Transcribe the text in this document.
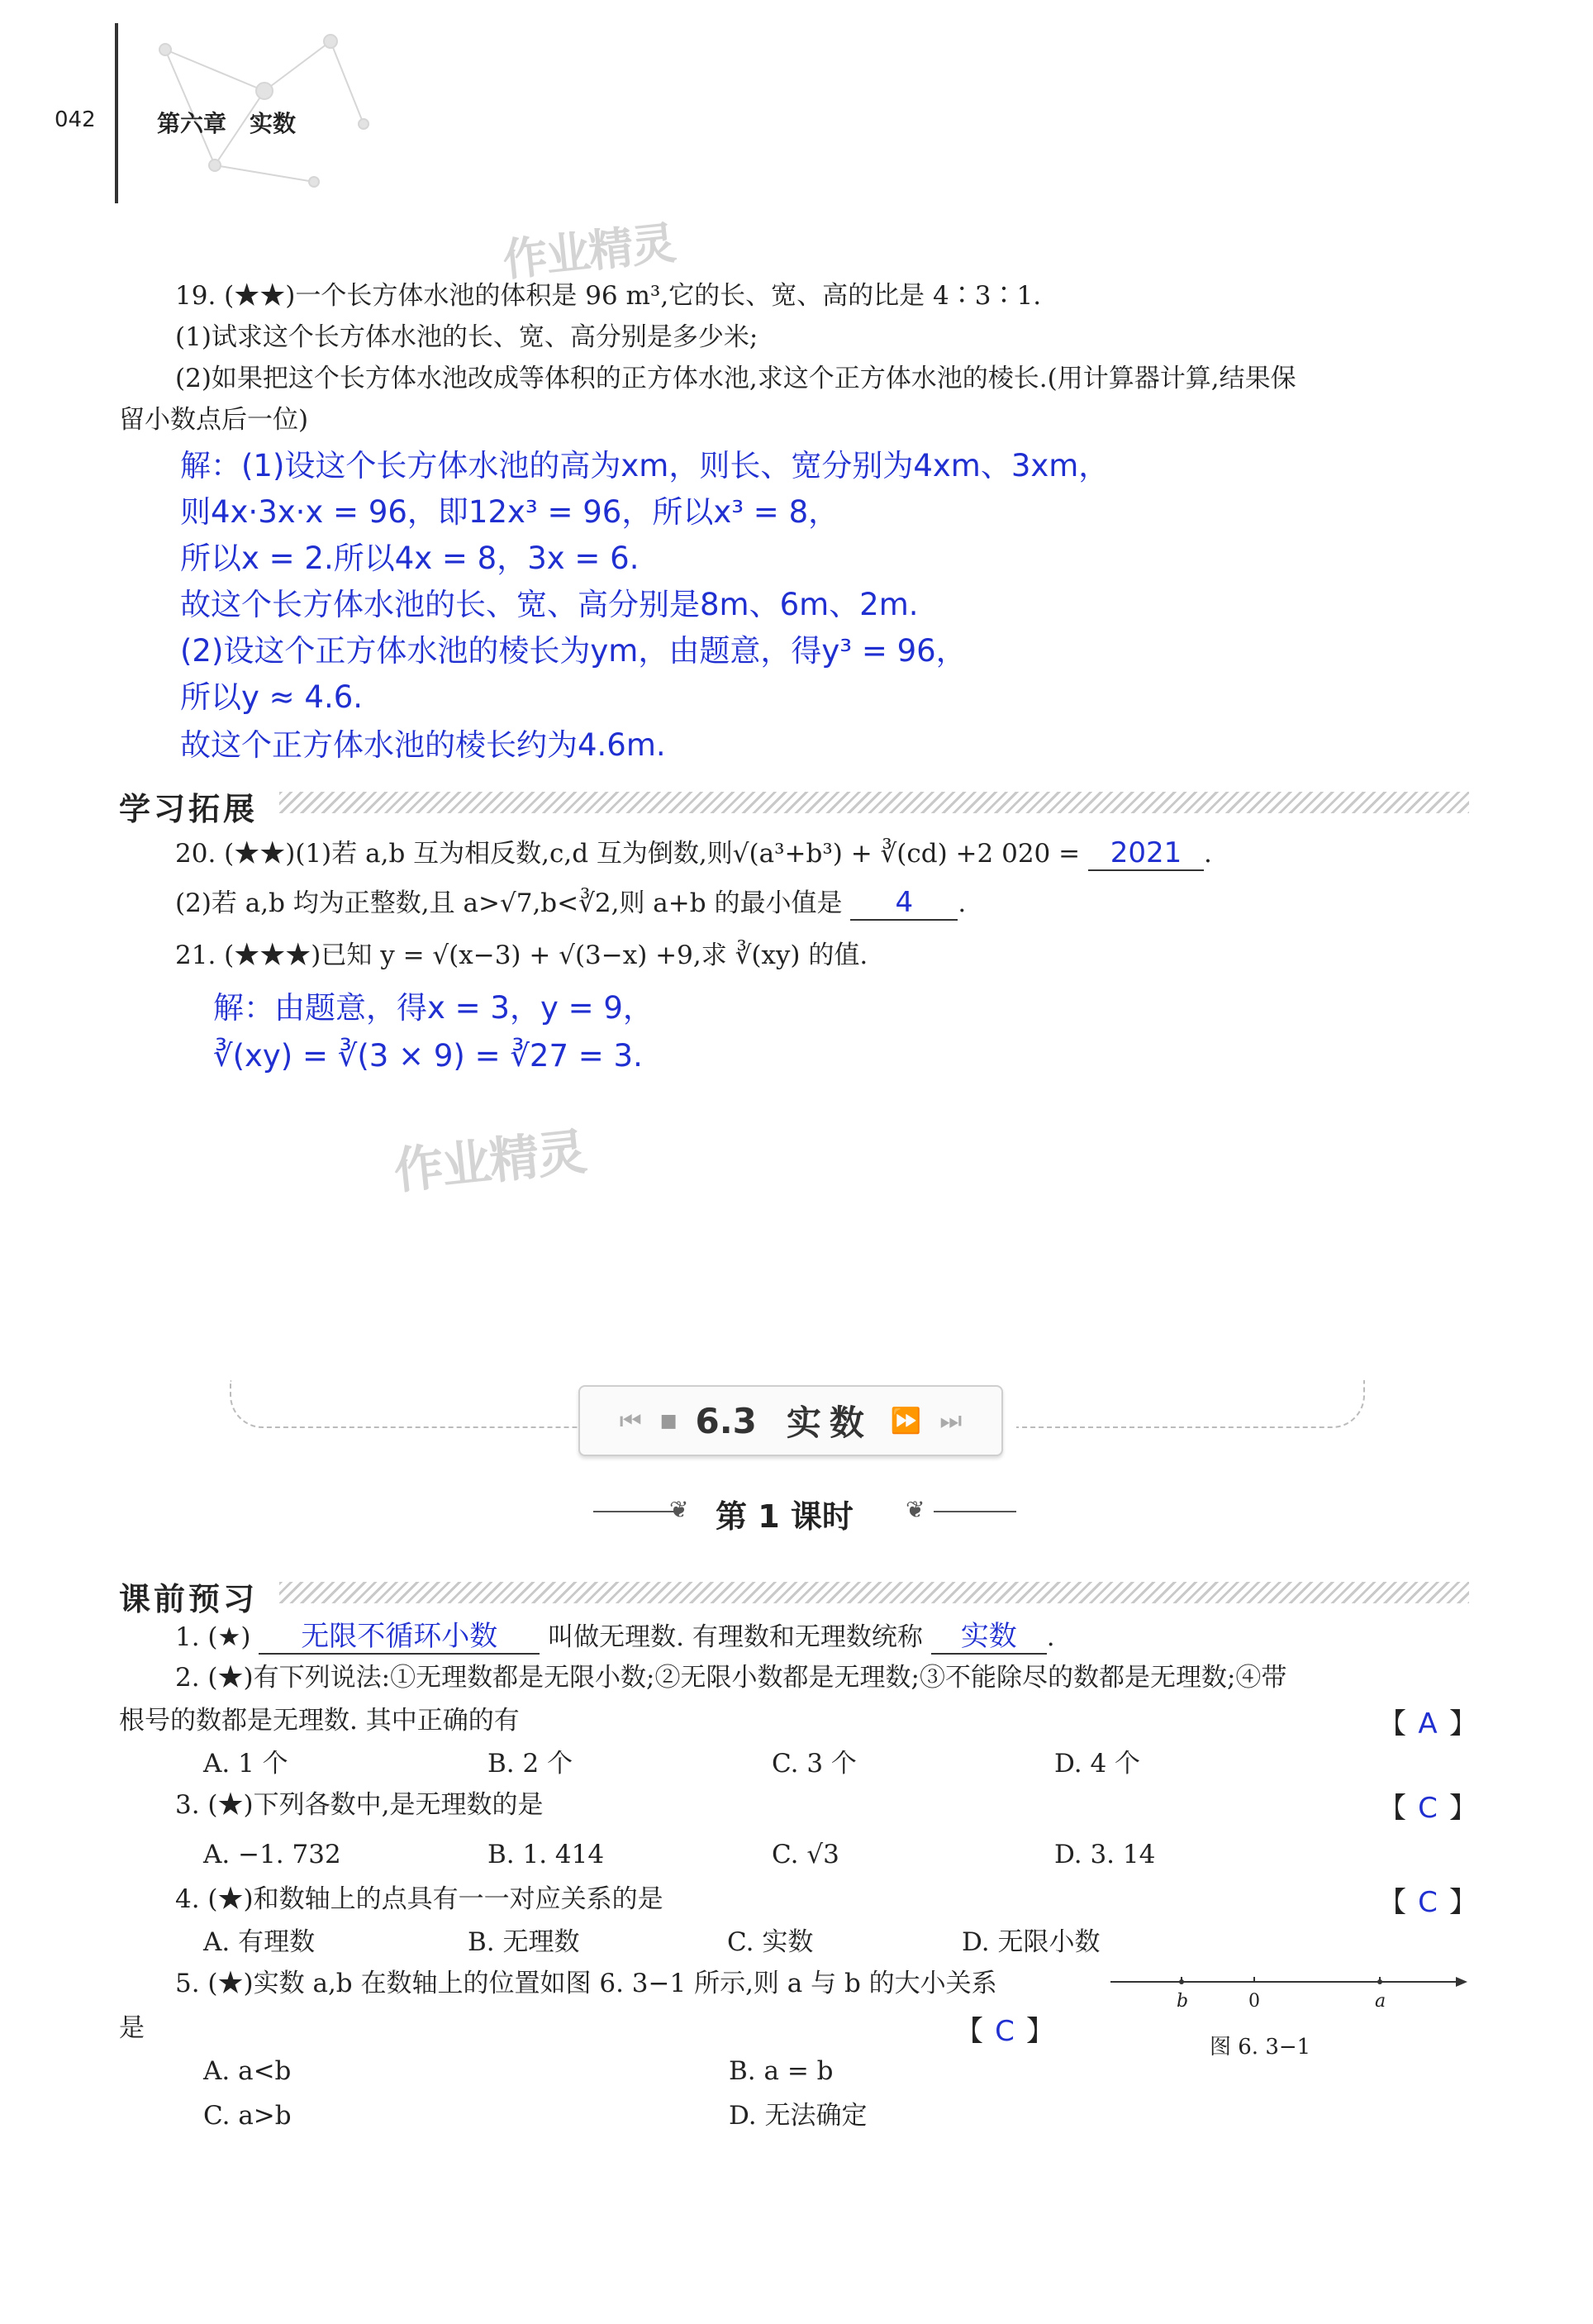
042	第六章　实数
作业精灵
作业精灵
19. (★★)一个长方体水池的体积是 96 m³,它的长、宽、高的比是 4∶3∶1.
(1)试求这个长方体水池的长、宽、高分别是多少米;
(2)如果把这个长方体水池改成等体积的正方体水池,求这个正方体水池的棱长.(用计算器计算,结果保
留小数点后一位)
解：(1)设这个长方体水池的高为xm，则长、宽分别为4xm、3xm，
则4x·3x·x = 96，即12x³ = 96，所以x³ = 8，
所以x = 2.所以4x = 8，3x = 6.
故这个长方体水池的长、宽、高分别是8m、6m、2m.
(2)设这个正方体水池的棱长为ym，由题意，得y³ = 96，
所以y ≈ 4.6.
故这个正方体水池的棱长约为4.6m.
学习拓展
20. (★★)(1)若 a,b 互为相反数,c,d 互为倒数,则√(a³+b³) + ∛(cd) +2 020 = 2021 .
(2)若 a,b 均为正整数,且 a>√7,b<∛2,则 a+b 的最小值是 4 .
21. (★★★)已知 y = √(x−3) + √(3−x) +9,求 ∛(xy) 的值.
解：由题意，得x = 3，y = 9，
∛(xy) = ∛(3 × 9) = ∛27 = 3.
⏮ ■ 6.3 实数 ⏩ ⏭
❦ 第 1 课时 ❦
课前预习
1. (★) 无限不循环小数 叫做无理数. 有理数和无理数统称 实数 .
2. (★)有下列说法:①无理数都是无限小数;②无限小数都是无理数;③不能除尽的数都是无理数;④带
根号的数都是无理数. 其中正确的有	【 A 】
A. 1 个	B. 2 个	C. 3 个	D. 4 个
3. (★)下列各数中,是无理数的是	【 C 】
A. −1. 732	B. 1. 414	C. √3	D. 3. 14
4. (★)和数轴上的点具有一一对应关系的是	【 C 】
A. 有理数	B. 无理数	C. 实数	D. 无限小数
5. (★)实数 a,b 在数轴上的位置如图 6. 3−1 所示,则 a 与 b 的大小关系
是	【 C 】
A. a<b	B. a = b
C. a>b	D. 无法确定
b	0	a
图 6. 3−1
